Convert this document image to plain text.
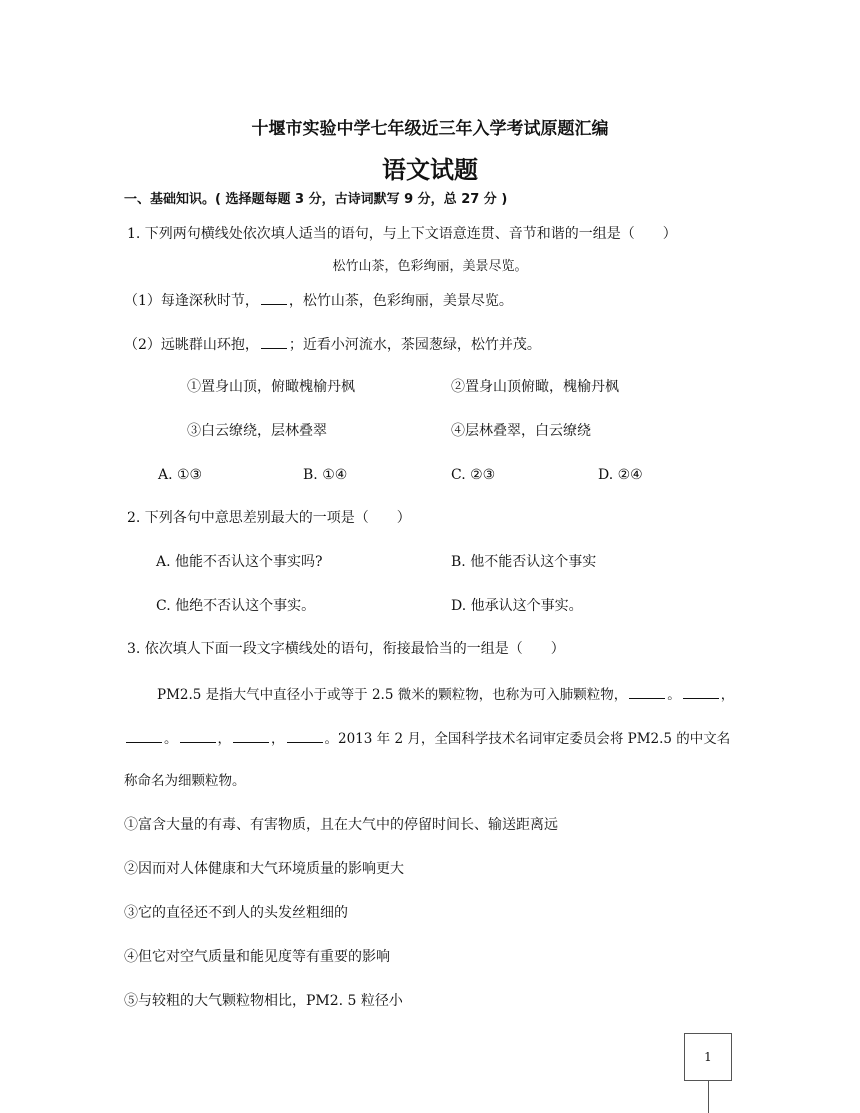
十堰市实验中学七年级近三年入学考试原题汇编
语文试题
一、基础知识。( 选择题每题 3 分，古诗词默写 9 分，总 27 分 )
1. 下列两句横线处依次填人适当的语句，与上下文语意连贯、音节和谐的一组是（　　）
松竹山茶，色彩绚丽，美景尽览。
（1）每逢深秋时节， ，松竹山茶，色彩绚丽，美景尽览。
（2）远眺群山环抱， ；近看小河流水，茶园葱绿，松竹并茂。
①置身山顶，俯瞰槐榆丹枫	②置身山顶俯瞰，槐榆丹枫
③白云缭绕，层林叠翠	④层林叠翠，白云缭绕
A. ①③	B. ①④	C. ②③	D. ②④
2. 下列各句中意思差别最大的一项是（　　）
A. 他能不否认这个事实吗?	B. 他不能否认这个事实
C. 他绝不否认这个事实。	D. 他承认这个事实。
3. 依次填人下面一段文字横线处的语句，衔接最恰当的一组是（　　）
PM2.5 是指大气中直径小于或等于 2.5 微米的颗粒物，也称为可入肺颗粒物，	。	，
。	，	，	。2013 年 2 月，全国科学技术名词审定委员会将 PM2.5 的中文名
称命名为细颗粒物。
①富含大量的有毒、有害物质，且在大气中的停留时间长、输送距离远
②因而对人体健康和大气环境质量的影响更大
③它的直径还不到人的头发丝粗细的
④但它对空气质量和能见度等有重要的影响
⑤与较粗的大气颗粒物相比，PM2. 5 粒径小
1
